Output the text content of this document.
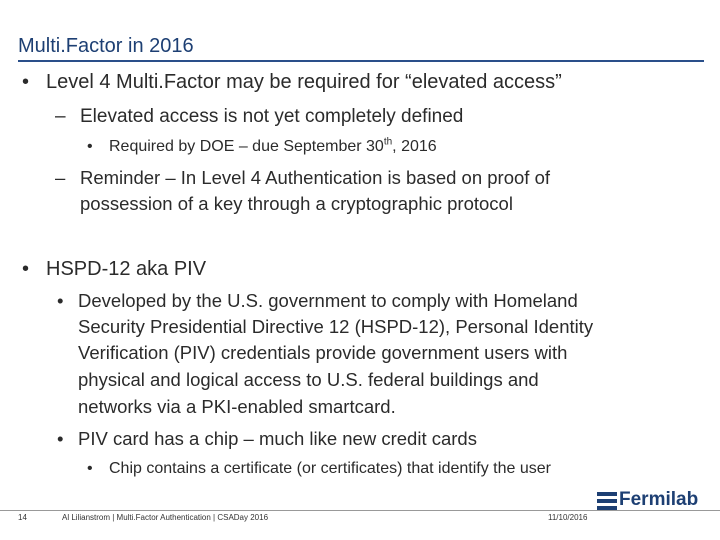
Multi.Factor in 2016
• Level 4 Multi.Factor may be required for “elevated access”
– Elevated access is not yet completely defined
• Required by DOE – due September 30th, 2016
– Reminder – In Level 4 Authentication is based on proof of
possession of a key through a cryptographic protocol
• HSPD-12 aka PIV
• Developed by the U.S. government to comply with Homeland
Security Presidential Directive 12 (HSPD-12), Personal Identity
Verification (PIV) credentials provide government users with
physical and logical access to U.S. federal buildings and
networks via a PKI-enabled smartcard.
• PIV card has a chip – much like new credit cards
• Chip contains a certificate (or certificates) that identify the user
Fermilab
14	Al Lilianstrom | Multi.Factor Authentication | CSADay 2016	11/10/2016
